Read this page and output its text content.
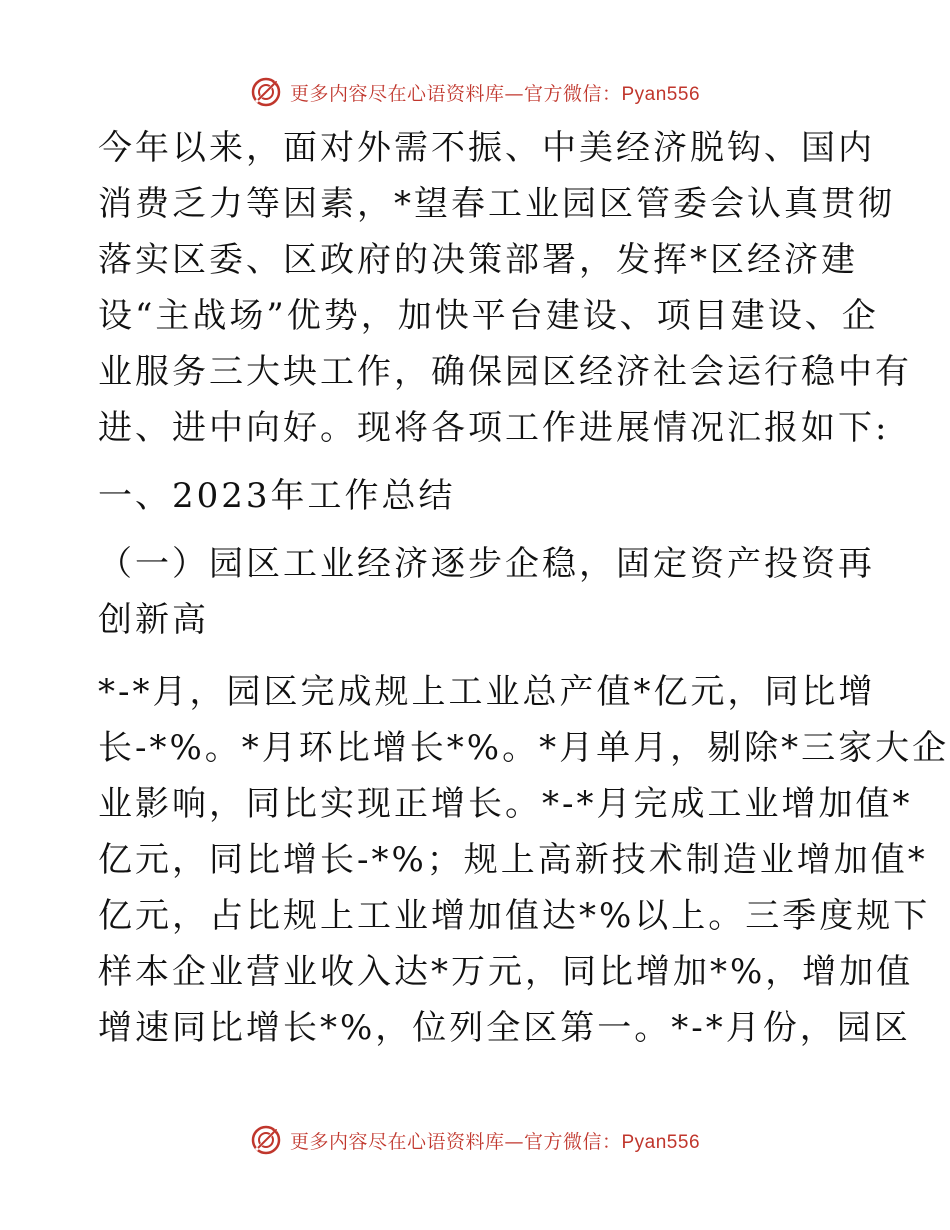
更多内容尽在心语资料库—官方微信：Pyan556
今年以来，面对外需不振、中美经济脱钩、国内
消费乏力等因素，*望春工业园区管委会认真贯彻
落实区委、区政府的决策部署，发挥*区经济建
设“主战场”优势，加快平台建设、项目建设、企
业服务三大块工作，确保园区经济社会运行稳中有
进、进中向好。现将各项工作进展情况汇报如下:
一、2023年工作总结
（一）园区工业经济逐步企稳，固定资产投资再
创新高
*-*月，园区完成规上工业总产值*亿元，同比增
长-*%。*月环比增长*%。*月单月，剔除*三家大企
业影响，同比实现正增长。*-*月完成工业增加值*
亿元，同比增长-*%；规上高新技术制造业增加值*
亿元，占比规上工业增加值达*%以上。三季度规下
样本企业营业收入达*万元，同比增加*%，增加值
增速同比增长*%，位列全区第一。*-*月份，园区
更多内容尽在心语资料库—官方微信：Pyan556
